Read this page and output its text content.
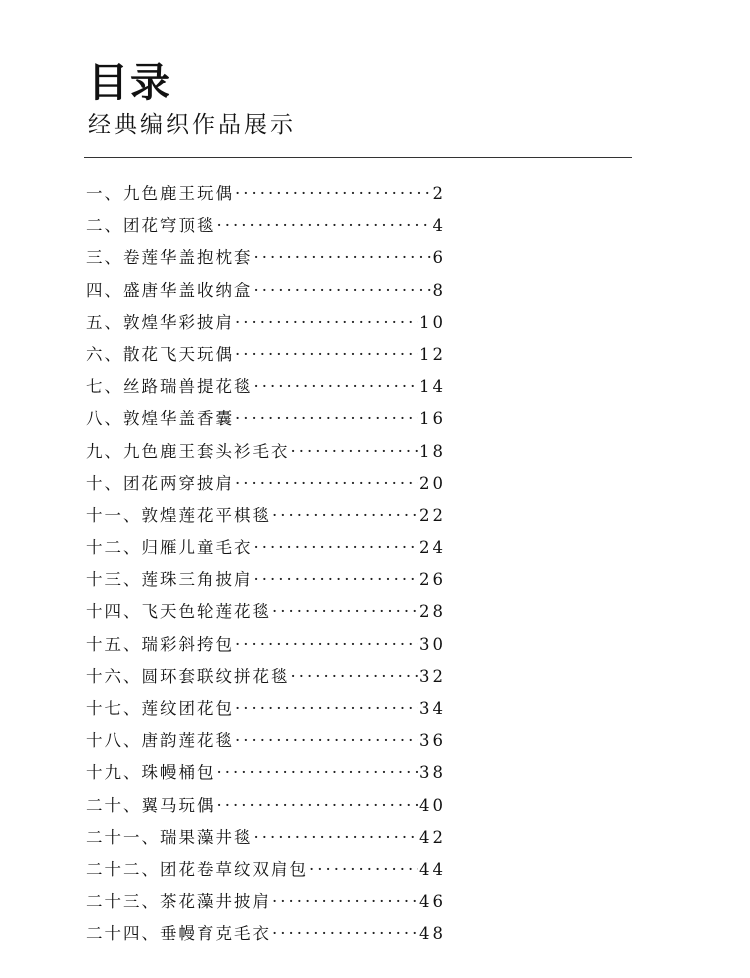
目录
经典编织作品展示
一 、 九色鹿王玩偶 ·····	2
二 、 团花穹顶毯 ·····	4
三 、 卷莲华盖抱枕套 ·····	6
四 、 盛唐华盖收纳盒 ·····	8
五 、 敦煌华彩披肩 ·····	10
六 、 散花飞天玩偶 ·····	12
七 、 丝路瑞兽提花毯 ·····	14
八 、 敦煌华盖香囊 ·····	16
九 、 九色鹿王套头衫毛衣 ·····	18
十 、 团花两穿披肩 ·····	20
十一 、 敦煌莲花平棋毯 ·····	22
十二 、 归雁儿童毛衣 ·····	24
十三 、 莲珠三角披肩 ·····	26
十四 、 飞天色轮莲花毯 ·····	28
十五 、 瑞彩斜挎包 ·····	30
十六 、 圆环套联纹拼花毯 ·····	32
十七 、 莲纹团花包 ·····	34
十八 、 唐韵莲花毯 ·····	36
十九 、 珠幔桶包 ·····	38
二十 、 翼马玩偶 ·····	40
二十一 、 瑞果藻井毯 ·····	42
二十二 、 团花卷草纹双肩包 ·····	44
二十三 、 茶花藻井披肩 ·····	46
二十四 、 垂幔育克毛衣 ·····	48
